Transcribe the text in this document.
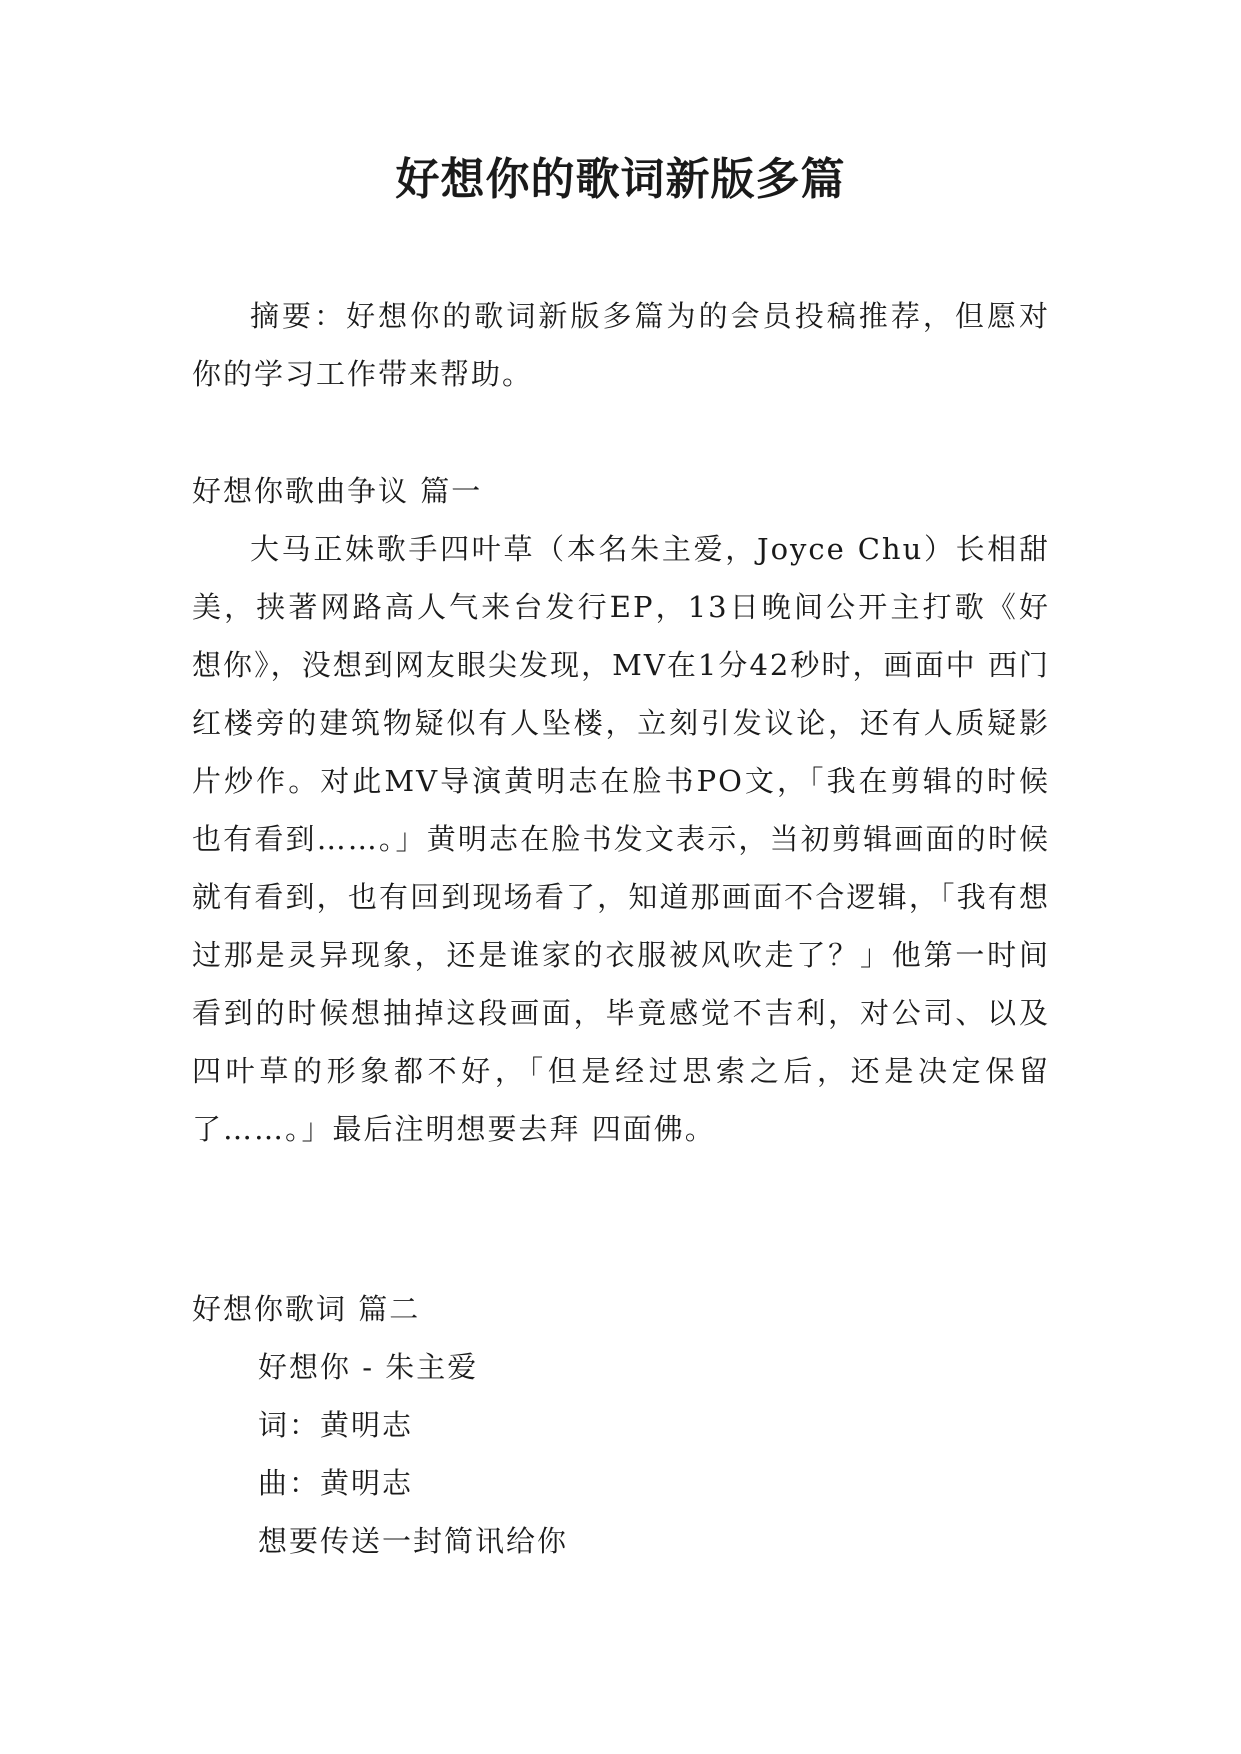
好想你的歌词新版多篇
摘要：好想你的歌词新版多篇为的会员投稿推荐，但愿对你的学习工作带来帮助。
好想你歌曲争议 篇一
大马正妹歌手四叶草（本名朱主爱，Joyce Chu）长相甜美，挟著网路高人气来台发行EP，13日晚间公开主打歌《好想你》，没想到网友眼尖发现，MV在1分42秒时，画面中 西门红楼旁的建筑物疑似有人坠楼，立刻引发议论，还有人质疑影片炒作。对此MV导演黄明志在脸书PO文，「我在剪辑的时候也有看到……。」黄明志在脸书发文表示，当初剪辑画面的时候就有看到，也有回到现场看了，知道那画面不合逻辑，「我有想过那是灵异现象，还是谁家的衣服被风吹走了？」他第一时间看到的时候想抽掉这段画面，毕竟感觉不吉利，对公司、以及四叶草的形象都不好，「但是经过思索之后，还是决定保留了……。」最后注明想要去拜 四面佛。
好想你歌词 篇二
好想你 - 朱主爱
词：黄明志
曲：黄明志
想要传送一封简讯给你
